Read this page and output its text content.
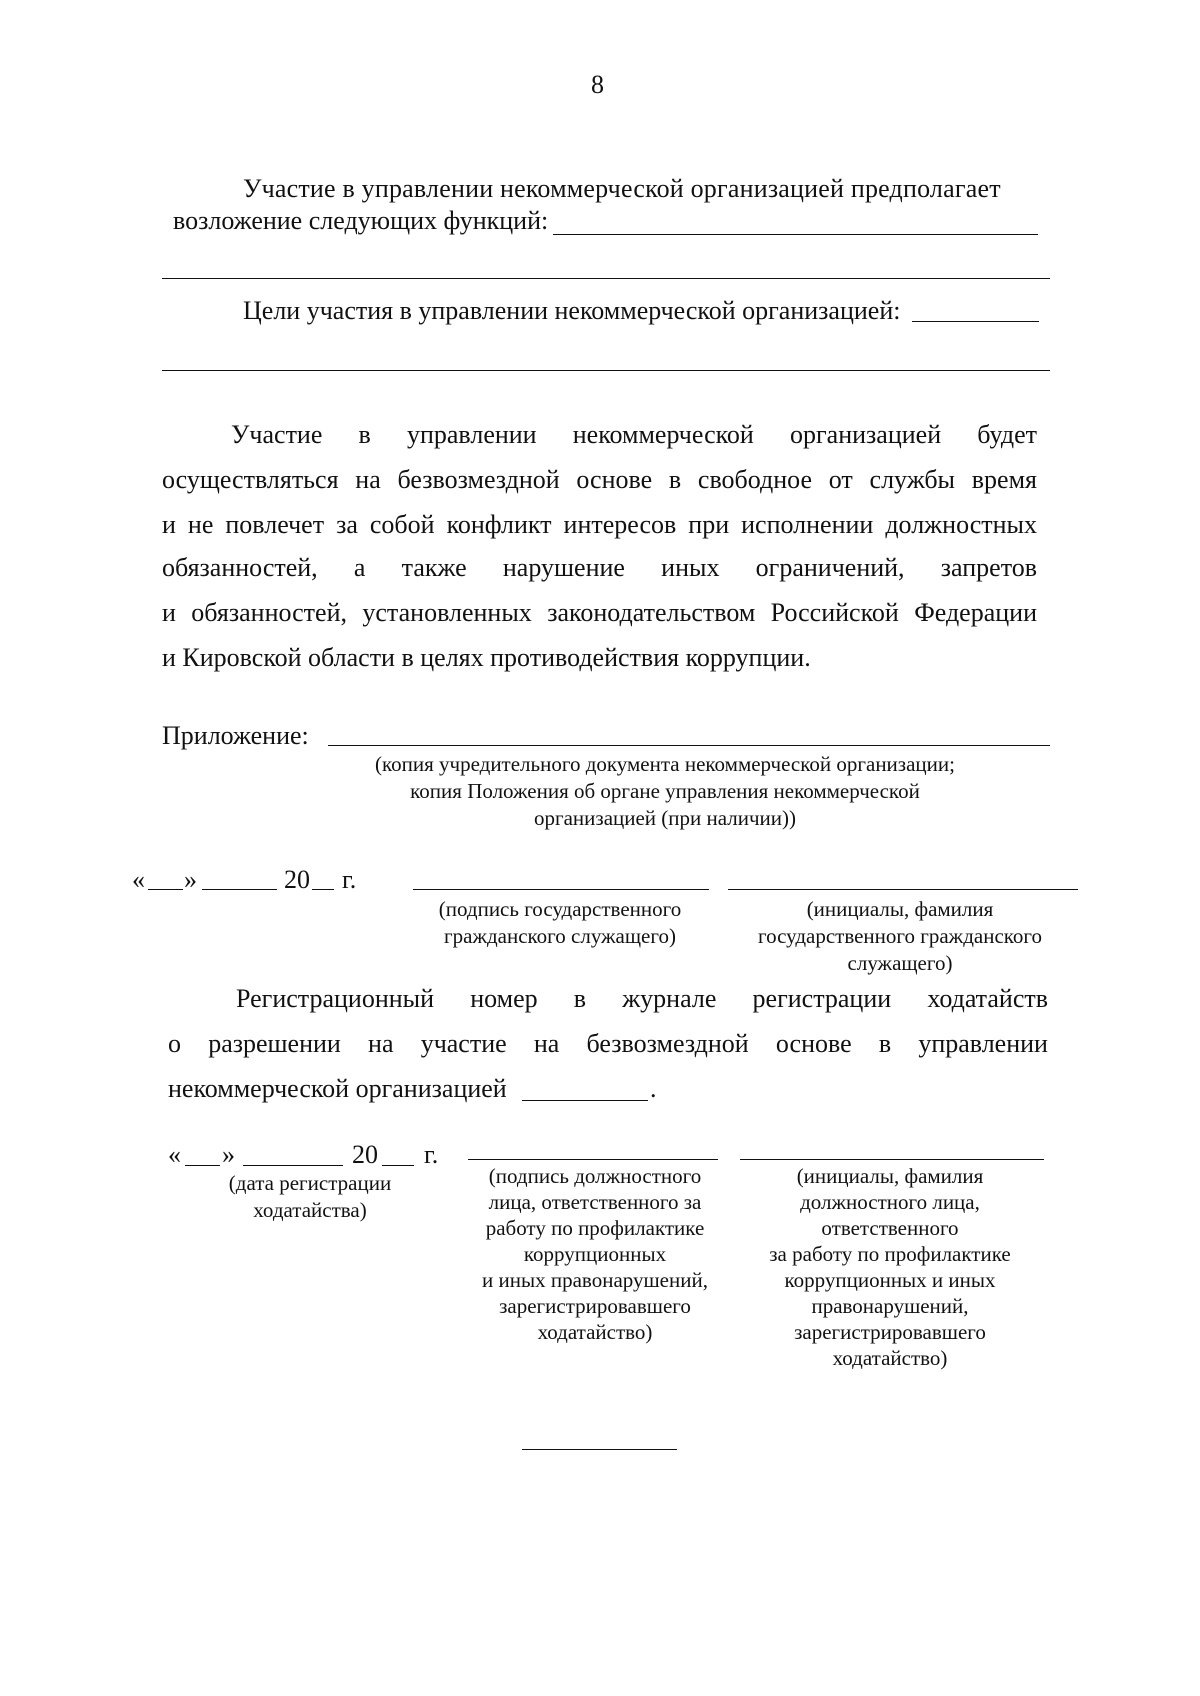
8
Участие в управлении некоммерческой организацией предполагает
возложение следующих функций:
Цели участия в управлении некоммерческой организацией:
Участие в управлении некоммерческой организацией будет
осуществляться на безвозмездной основе в свободное от службы время
и не повлечет за собой конфликт интересов при исполнении должностных
обязанностей, а также нарушение иных ограничений, запретов
и обязанностей, установленных законодательством Российской Федерации
и Кировской области в целях противодействия коррупции.
Приложение:
(копия учредительного документа некоммерческой организации;
копия Положения об органе управления некоммерческой
организацией (при наличии))
« »	20 г.
(подпись государственного
гражданского служащего)
(инициалы, фамилия
государственного гражданского
служащего)
Регистрационный номер в журнале регистрации ходатайств
о разрешении на участие на безвозмездной основе в управлении
некоммерческой организацией	.
« »	20 г.
(дата регистрации
ходатайства)
(подпись должностного
лица, ответственного за
работу по профилактике
коррупционных
и иных правонарушений,
зарегистрировавшего
ходатайство)
(инициалы, фамилия
должностного лица,
ответственного
за работу по профилактике
коррупционных и иных
правонарушений,
зарегистрировавшего
ходатайство)
